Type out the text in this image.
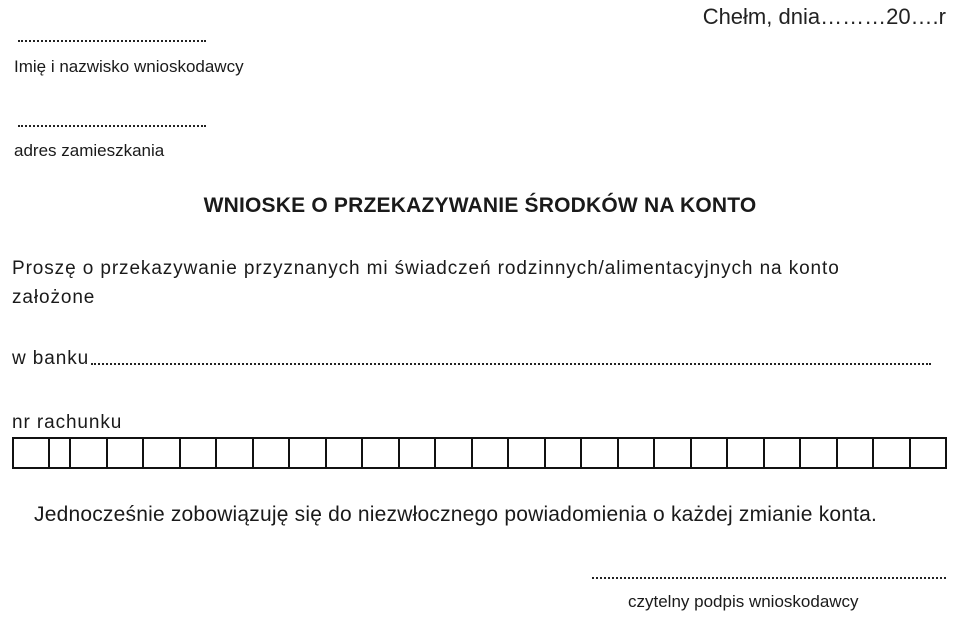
Chełm, dnia………20….r
Imię i nazwisko wnioskodawcy
adres zamieszkania
WNIOSKE O PRZEKAZYWANIE ŚRODKÓW NA KONTO
Proszę o przekazywanie przyznanych mi świadczeń rodzinnych/alimentacyjnych na konto
założone
w banku
nr rachunku
Jednocześnie zobowiązuję się do niezwłocznego powiadomienia o każdej zmianie konta.
czytelny podpis wnioskodawcy
